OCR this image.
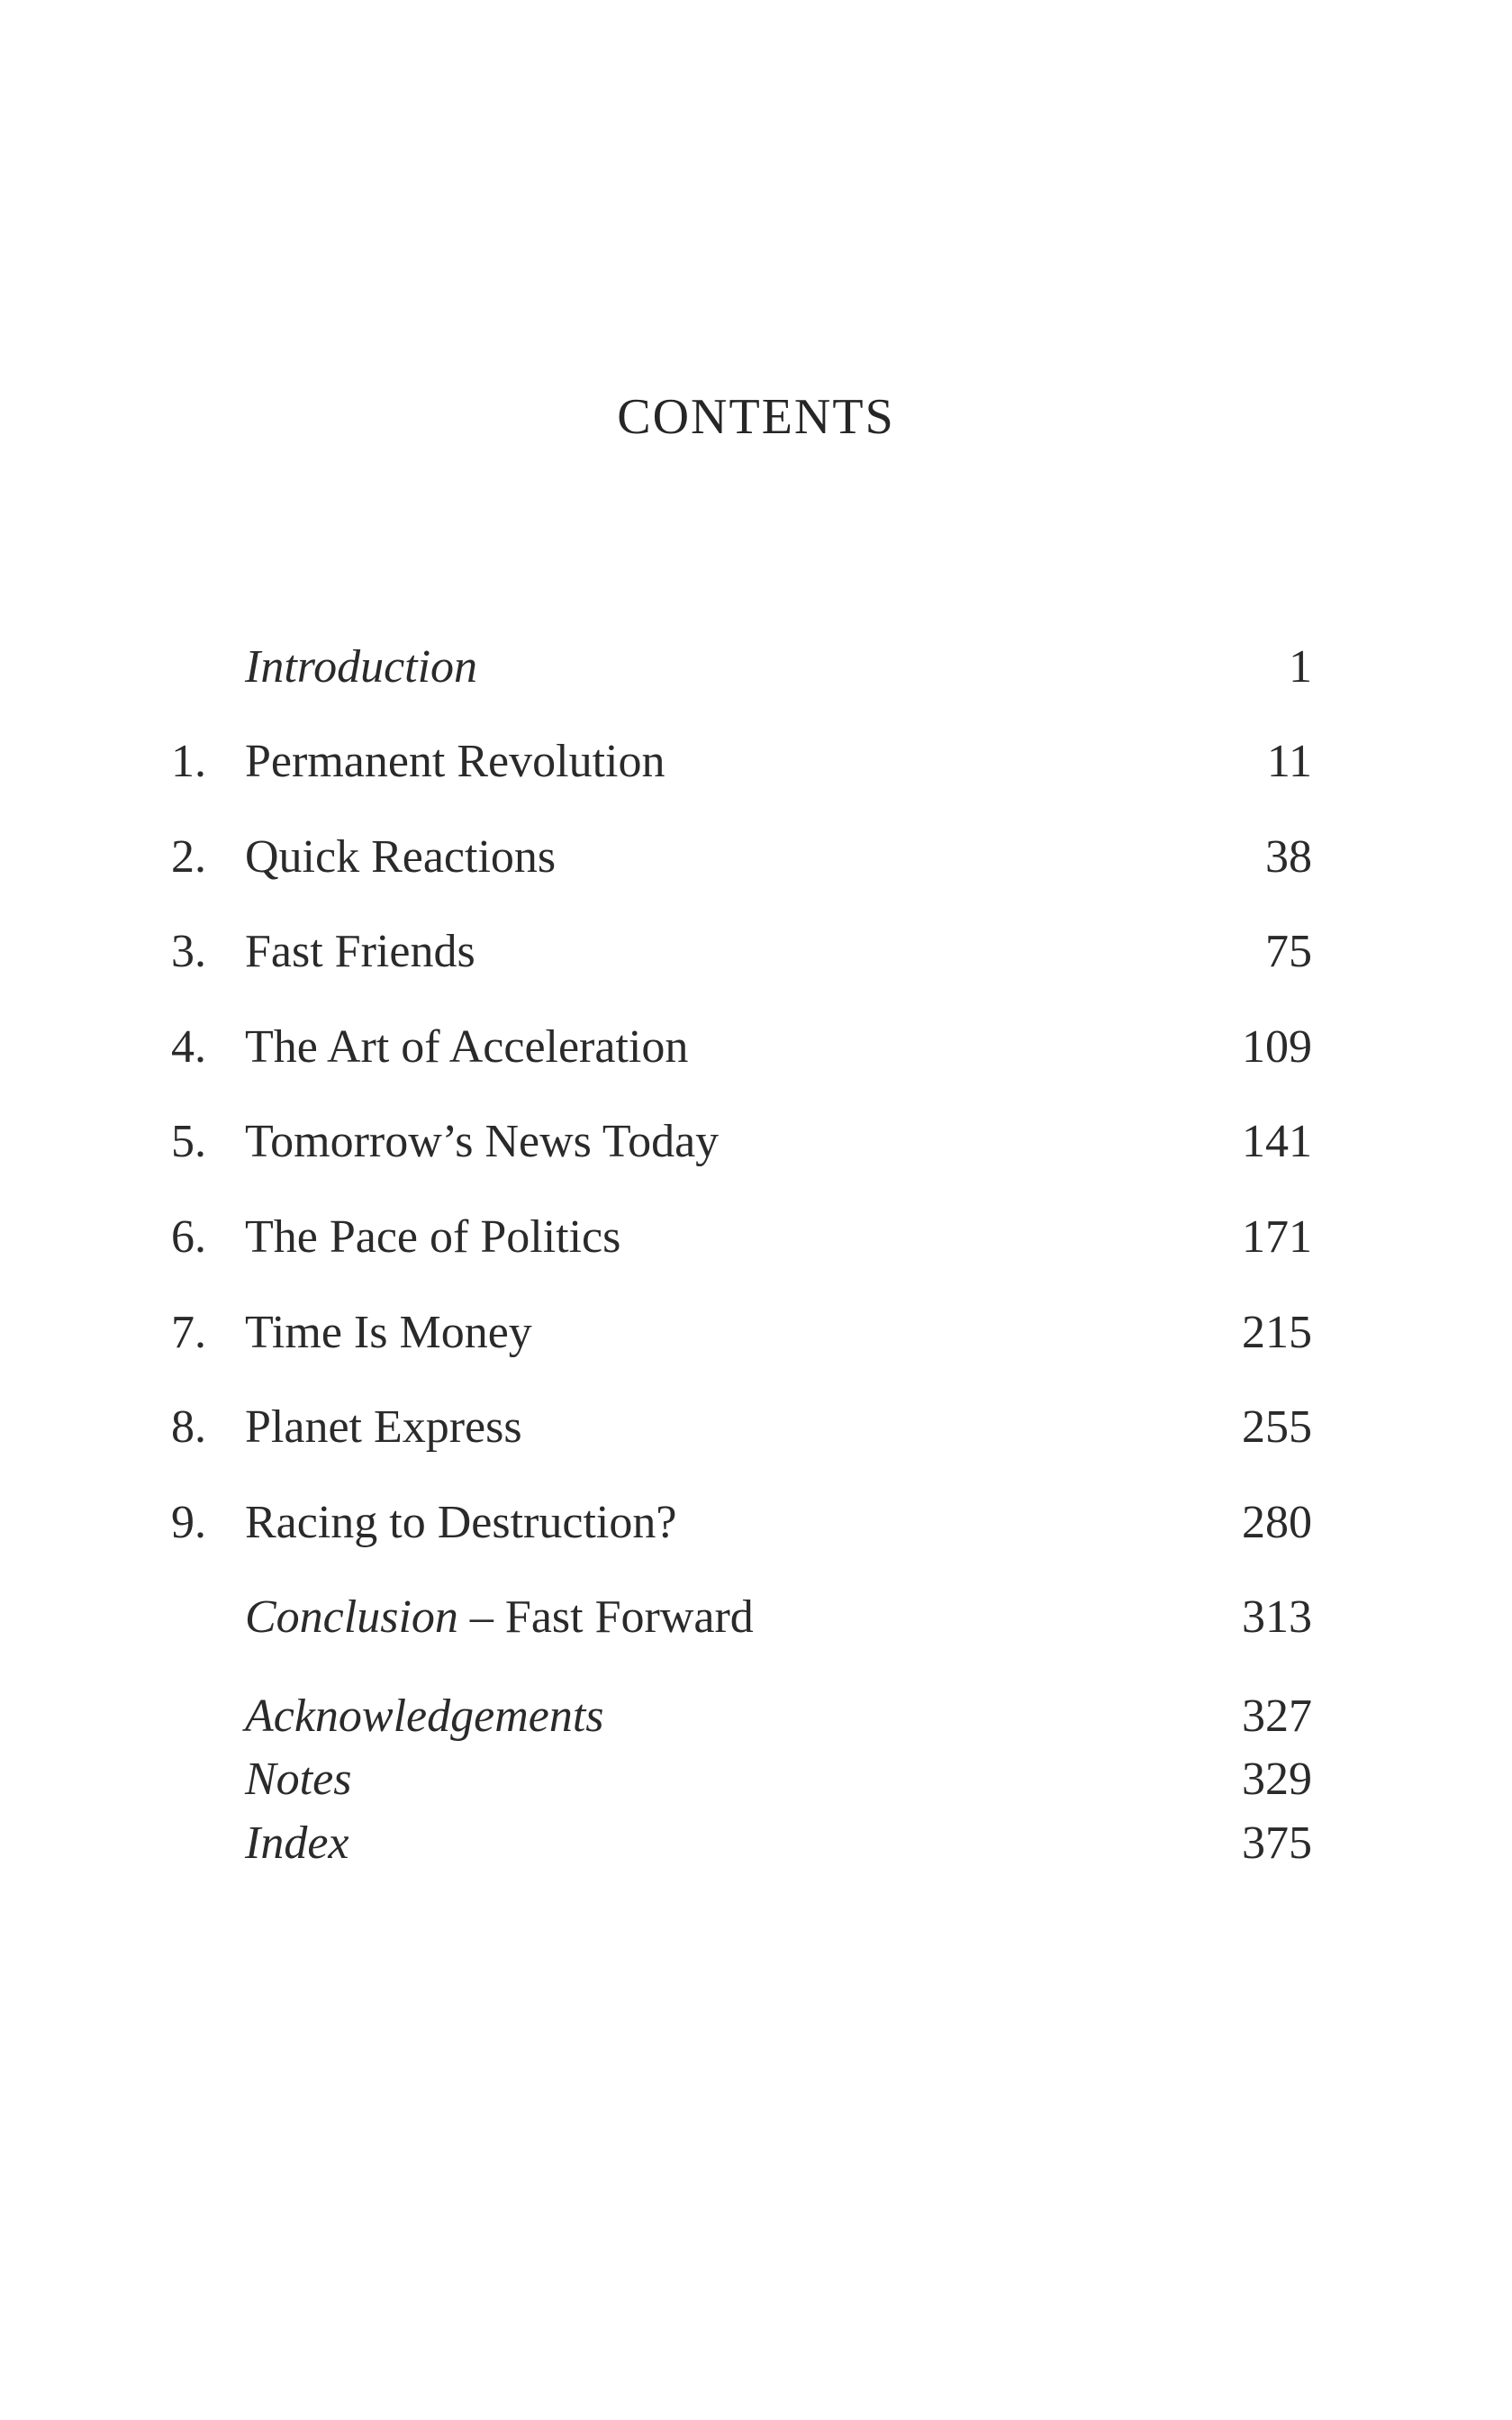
CONTENTS
Introduction	1
1. Permanent Revolution	11
2. Quick Reactions	38
3. Fast Friends	75
4. The Art of Acceleration	109
5. Tomorrow’s News Today	141
6. The Pace of Politics	171
7. Time Is Money	215
8. Planet Express	255
9. Racing to Destruction?	280
Conclusion – Fast Forward	313
Acknowledgements	327
Notes	329
Index	375
